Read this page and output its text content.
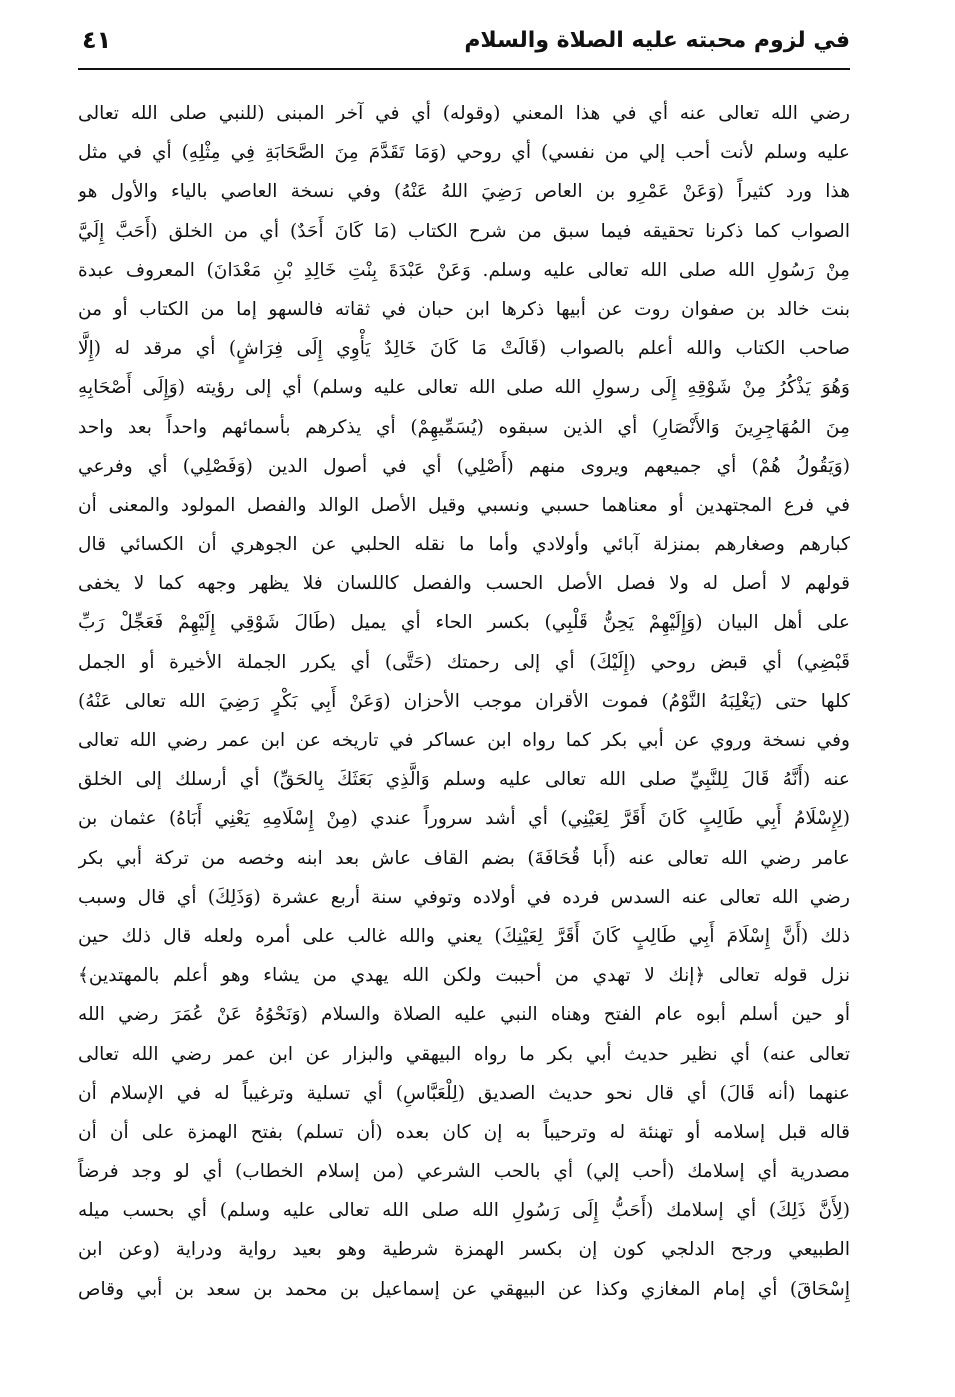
في لزوم محبته عليه الصلاة والسلام
٤١
رضي الله تعالى عنه أي في هذا المعني (وقوله) أي في آخر المبنى (للنبي صلى الله تعالى
عليه وسلم لأنت أحب إلي من نفسي) أي روحي (وَمَا تَقَدَّمَ مِنَ الصَّحَابَةِ فِي مِثْلِهِ) أي في مثل
هذا ورد كثيراً (وَعَنْ عَمْرِو بن العاص رَضِيَ اللهُ عَنْهُ) وفي نسخة العاصي بالياء والأول هو
الصواب كما ذكرنا تحقيقه فيما سبق من شرح الكتاب (مَا كَانَ أَحَدٌ) أي من الخلق (أَحَبَّ إِلَيَّ
مِنْ رَسُولِ الله صلى الله تعالى عليه وسلم. وَعَنْ عَبْدَةَ بِنْتِ خَالِدِ بْنِ مَعْدَانَ) المعروف عبدة
بنت خالد بن صفوان روت عن أبيها ذكرها ابن حبان في ثقاته فالسهو إما من الكتاب أو من
صاحب الكتاب والله أعلم بالصواب (قَالَتْ مَا كَانَ خَالِدٌ يَأْوِي إِلَى فِرَاشٍ) أي مرقد له (إِلَّا
وَهُوَ يَذْكُرُ مِنْ شَوْقِهِ إِلَى رسولِ الله صلى الله تعالى عليه وسلم) أي إلى رؤيته (وَإِلَى أَصْحَابِهِ
مِنَ المُهَاجِرِينَ وَالأَنْصَارِ) أي الذين سبقوه (يُسَمِّيهِمْ) أي يذكرهم بأسمائهم واحداً بعد واحد
(وَيَقُولُ هُمْ) أي جميعهم ويروى منهم (أَصْلِي) أي في أصول الدين (وَفَصْلِي) أي وفرعي
في فرع المجتهدين أو معناهما حسبي ونسبي وقيل الأصل الوالد والفصل المولود والمعنى أن
كبارهم وصغارهم بمنزلة آبائي وأولادي وأما ما نقله الحلبي عن الجوهري أن الكسائي قال
قولهم لا أصل له ولا فصل الأصل الحسب والفصل كاللسان فلا يظهر وجهه كما لا يخفى
على أهل البيان (وَإِلَيْهِمْ يَحِنُّ قَلْبِي) بكسر الحاء أي يميل (طَالَ شَوْقِي إِلَيْهِمْ فَعَجِّلْ رَبِّ
قَبْضِي) أي قبض روحي (إِلَيْكَ) أي إلى رحمتك (حَتَّى) أي يكرر الجملة الأخيرة أو الجمل
كلها حتى (يَغْلِبَهُ النَّوْمُ) فموت الأقران موجب الأحزان (وَعَنْ أَبِي بَكْرٍ رَضِيَ الله تعالى عَنْهُ)
وفي نسخة وروي عن أبي بكر كما رواه ابن عساكر في تاريخه عن ابن عمر رضي الله تعالى
عنه (أَنَّهُ قَالَ لِلنَّبِيِّ صلى الله تعالى عليه وسلم وَالَّذِي بَعَثَكَ بِالحَقِّ) أي أرسلك إلى الخلق
(لِإِسْلَامُ أَبِي طَالِبٍ كَانَ أَقَرَّ لِعَيْنِي) أي أشد سروراً عندي (مِنْ إِسْلَامِهِ يَعْنِي أَبَاهُ) عثمان بن
عامر رضي الله تعالى عنه (أَبا قُحَافَةَ) بضم القاف عاش بعد ابنه وخصه من تركة أبي بكر
رضي الله تعالى عنه السدس فرده في أولاده وتوفي سنة أربع عشرة (وَذَلِكَ) أي قال وسبب
ذلك (أَنَّ إِسْلَامَ أَبِي طَالِبٍ كَانَ أَقَرَّ لِعَيْنِكَ) يعني والله غالب على أمره ولعله قال ذلك حين
نزل قوله تعالى ﴿إنك لا تهدي من أحببت ولكن الله يهدي من يشاء وهو أعلم بالمهتدين﴾
أو حين أسلم أبوه عام الفتح وهناه النبي عليه الصلاة والسلام (وَنَحْوُهُ عَنْ عُمَرَ رضي الله
تعالى عنه) أي نظير حديث أبي بكر ما رواه البيهقي والبزار عن ابن عمر رضي الله تعالى
عنهما (أنه قَالَ) أي قال نحو حديث الصديق (لِلْعَبَّاسِ) أي تسلية وترغيباً له في الإسلام أن
قاله قبل إسلامه أو تهنئة له وترحيباً به إن كان بعده (أن تسلم) بفتح الهمزة على أن أن
مصدرية أي إسلامك (أحب إلي) أي بالحب الشرعي (من إسلام الخطاب) أي لو وجد فرضاً
(لِأَنَّ ذَلِكَ) أي إسلامك (أَحَبُّ إِلَى رَسُولِ الله صلى الله تعالى عليه وسلم) أي بحسب ميله
الطبيعي ورجح الدلجي كون إن بكسر الهمزة شرطية وهو بعيد رواية ودراية (وعن ابن
إِسْحَاقَ) أي إمام المغازي وكذا عن البيهقي عن إسماعيل بن محمد بن سعد بن أبي وقاص
